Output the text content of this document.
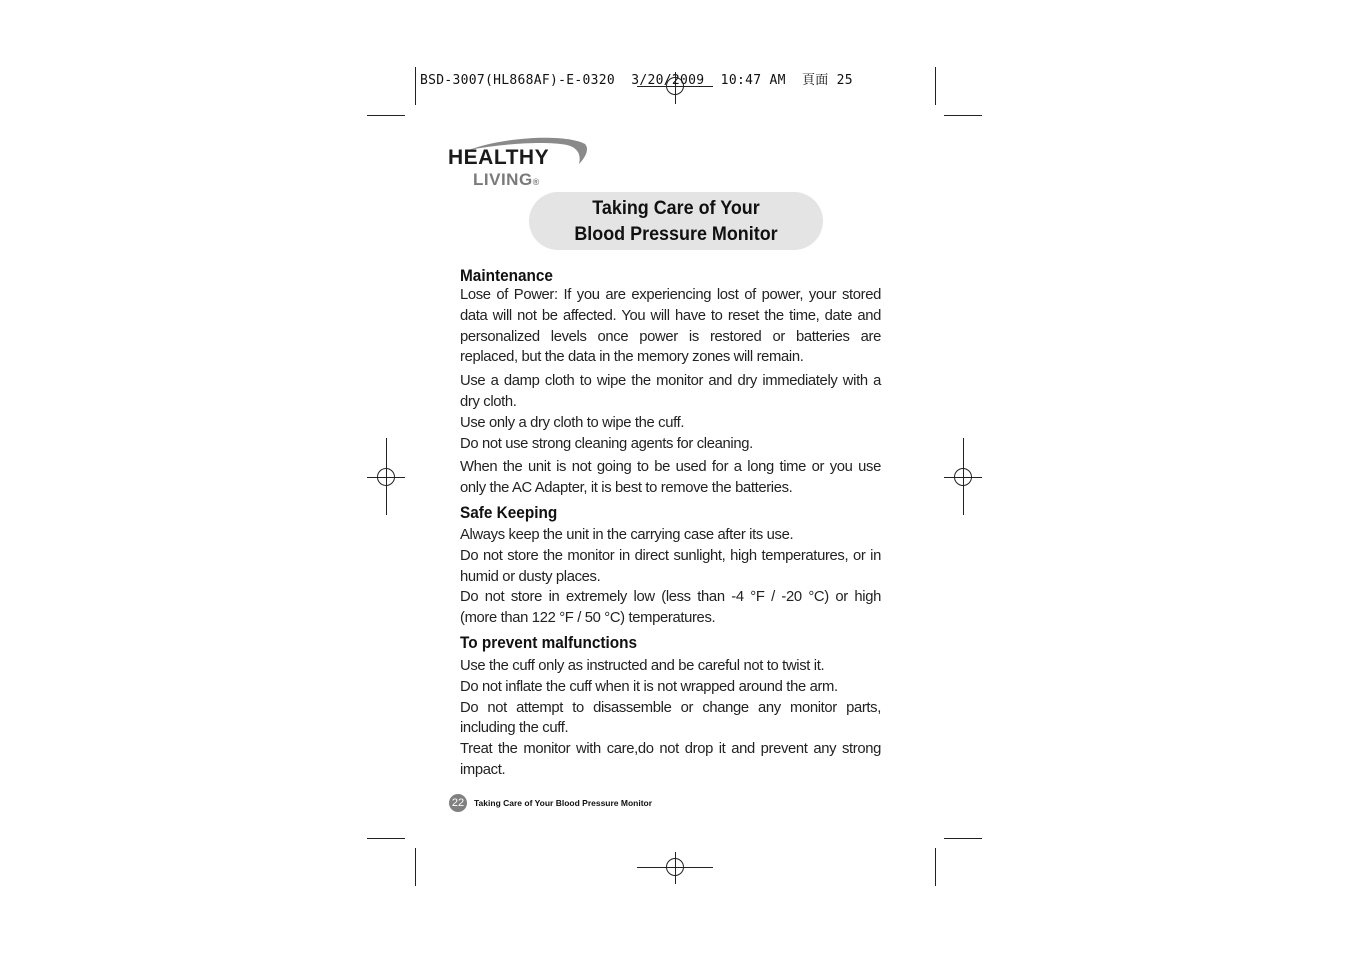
BSD-3007(HL868AF)-E-0320  3/20/2009  10:47 AM  頁面 25
HEALTHY
LIVING®
Taking Care of Your
Blood Pressure Monitor
Maintenance

Lose of Power: If you are experiencing lost of power, your stored data will not be affected. You will have to reset the time, date and personalized levels once power is restored or batteries are replaced, but the data in the memory zones will remain.

Use a damp cloth to wipe the monitor and dry immediately with a dry cloth.

Use only a dry cloth to wipe the cuff.

Do not use strong cleaning agents for cleaning.

When the unit is not going to be used for a long time or you use only the AC Adapter, it is best to remove the batteries.

Safe Keeping

Always keep the unit in the carrying case after its use.

Do not store the monitor in direct sunlight, high temperatures, or in humid or dusty places.

Do not store in extremely low (less than -4 °F / -20 °C) or high (more than 122 °F / 50 °C) temperatures.

To prevent malfunctions

Use the cuff only as instructed and be careful not to twist it.

Do not inflate the cuff when it is not wrapped around the arm.

Do not attempt to disassemble or change any monitor parts, including the cuff.

Treat the monitor with care,do not drop it and prevent any strong impact.

22	Taking Care of Your Blood Pressure Monitor
